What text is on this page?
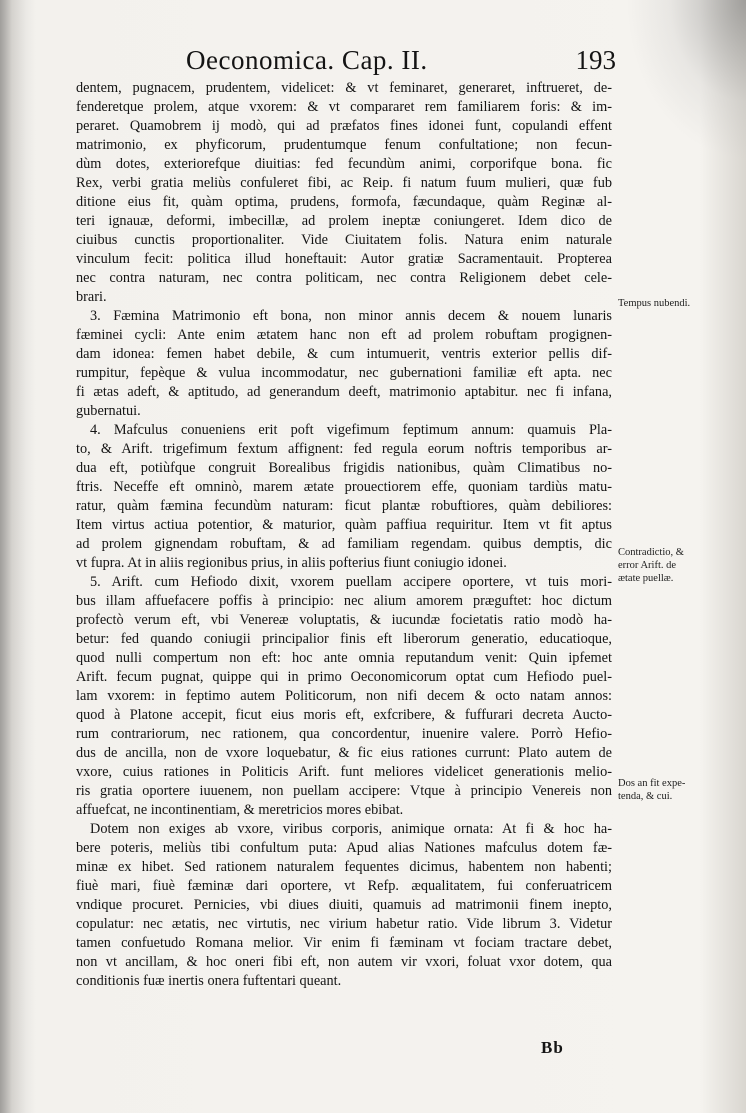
Oeconomica. Cap. II.	193
dentem, pugnacem, prudentem, videlicet: & vt feminaret, generaret, inftrueret, de-
fenderetque prolem, atque vxorem: & vt compararet rem familiarem foris: & im-
peraret. Quamobrem ij modò, qui ad præfatos fines idonei funt, copulandi effent
matrimonio, ex phyficorum, prudentumque fenum confultatione; non fecun-
dùm dotes, exteriorefque diuitias: fed fecundùm animi, corporifque bona. fic
Rex, verbi gratia meliùs confuleret fibi, ac Reip. fi natum fuum mulieri, quæ fub
ditione eius fit, quàm optima, prudens, formofa, fæcundaque, quàm Reginæ al-
teri ignauæ, deformi, imbecillæ, ad prolem ineptæ coniungeret. Idem dico de
ciuibus cunctis proportionaliter. Vide Ciuitatem folis. Natura enim naturale
vinculum fecit: politica illud honeftauit: Autor gratiæ Sacramentauit. Propterea
nec contra naturam, nec contra politicam, nec contra Religionem debet cele-
brari.
3. Fæmina Matrimonio eft bona, non minor annis decem & nouem lunaris
fæminei cycli: Ante enim ætatem hanc non eft ad prolem robuftam progignen-
dam idonea: femen habet debile, & cum intumuerit, ventris exterior pellis dif-
rumpitur, fepèque & vulua incommodatur, nec gubernationi familiæ eft apta. nec
fi ætas adeft, & aptitudo, ad generandum deeft, matrimonio aptabitur. nec fi infana,
gubernatui.
4. Mafculus conueniens erit poft vigefimum feptimum annum: quamuis Pla-
to, & Arift. trigefimum fextum affignent: fed regula eorum noftris temporibus ar-
dua eft, potiùfque congruit Borealibus frigidis nationibus, quàm Climatibus no-
ftris. Neceffe eft omninò, marem ætate prouectiorem effe, quoniam tardiùs matu-
ratur, quàm fæmina fecundùm naturam: ficut plantæ robuftiores, quàm debiliores:
Item virtus actiua potentior, & maturior, quàm paffiua requiritur. Item vt fit aptus
ad prolem gignendam robuftam, & ad familiam regendam. quibus demptis, dic
vt fupra. At in aliis regionibus prius, in aliis pofterius fiunt coniugio idonei.
5. Arift. cum Hefiodo dixit, vxorem puellam accipere oportere, vt tuis mori-
bus illam affuefacere poffis à principio: nec alium amorem præguftet: hoc dictum
profectò verum eft, vbi Venereæ voluptatis, & iucundæ focietatis ratio modò ha-
betur: fed quando coniugii principalior finis eft liberorum generatio, educatioque,
quod nulli compertum non eft: hoc ante omnia reputandum venit: Quin ipfemet
Arift. fecum pugnat, quippe qui in primo Oeconomicorum optat cum Hefiodo puel-
lam vxorem: in feptimo autem Politicorum, non nifi decem & octo natam annos:
quod à Platone accepit, ficut eius moris eft, exfcribere, & fuffurari decreta Aucto-
rum contrariorum, nec rationem, qua concordentur, inuenire valere. Porrò Hefio-
dus de ancilla, non de vxore loquebatur, & fic eius rationes currunt: Plato autem de
vxore, cuius rationes in Politicis Arift. funt meliores videlicet generationis melio-
ris gratia oportere iuuenem, non puellam accipere: Vtque à principio Venereis non
affuefcat, ne incontinentiam, & meretricios mores ebibat.
Dotem non exiges ab vxore, viribus corporis, animique ornata: At fi & hoc ha-
bere poteris, meliùs tibi confultum puta: Apud alias Nationes mafculus dotem fæ-
minæ ex hibet. Sed rationem naturalem fequentes dicimus, habentem non habenti;
fiuè mari, fiuè fæminæ dari oportere, vt Refp. æqualitatem, fui conferuatricem
vndique procuret. Pernicies, vbi diues diuiti, quamuis ad matrimonii finem inepto,
copulatur: nec ætatis, nec virtutis, nec virium habetur ratio. Vide librum 3. Videtur
tamen confuetudo Romana melior. Vir enim fi fæminam vt fociam tractare debet,
non vt ancillam, & hoc oneri fibi eft, non autem vir vxori, foluat vxor dotem, qua
conditionis fuæ inertis onera fuftentari queant.
Tempus nubendi.
Contradictio, &
error Arift. de
ætate puellæ.
Dos an fit expe-
tenda, & cui.
Bb
